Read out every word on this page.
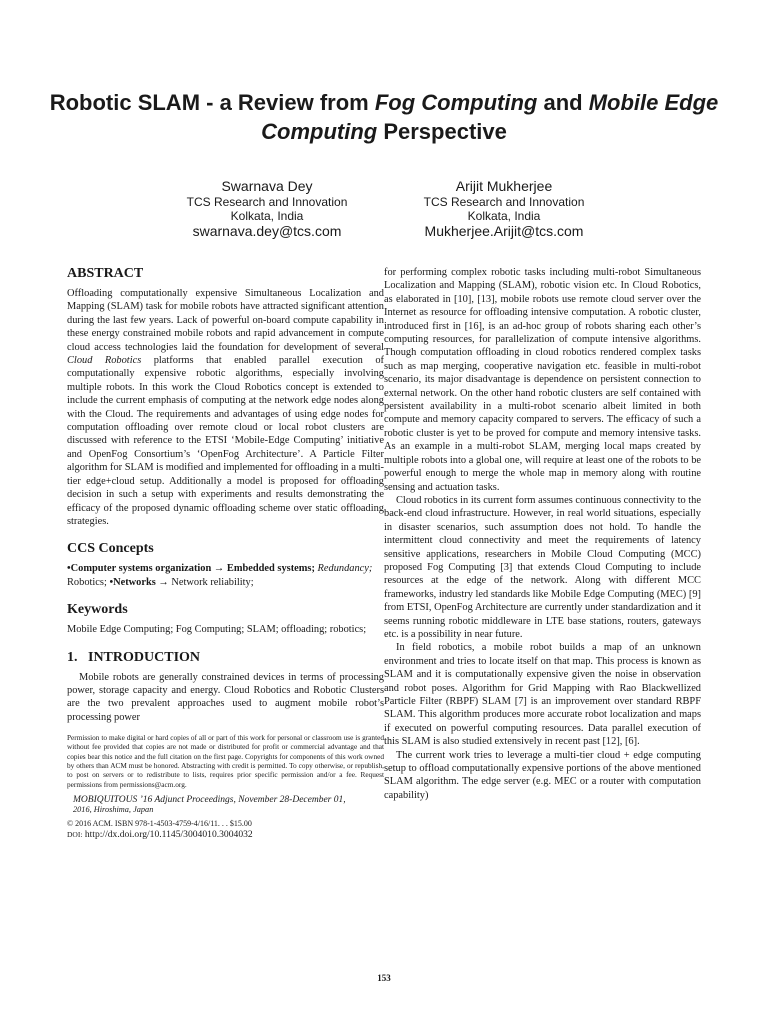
Robotic SLAM - a Review from Fog Computing and Mobile Edge Computing Perspective
Swarnava Dey
TCS Research and Innovation
Kolkata, India
swarnava.dey@tcs.com
Arijit Mukherjee
TCS Research and Innovation
Kolkata, India
Mukherjee.Arijit@tcs.com
ABSTRACT

Offloading computationally expensive Simultaneous Localization and Mapping (SLAM) task for mobile robots have attracted significant attention during the last few years. Lack of powerful on-board compute capability in these energy constrained mobile robots and rapid advancement in compute cloud access technologies laid the foundation for development of several Cloud Robotics platforms that enabled parallel execution of computationally expensive robotic algorithms, especially involving multiple robots. In this work the Cloud Robotics concept is extended to include the current emphasis of computing at the network edge nodes along with the Cloud. The requirements and advantages of using edge nodes for computation offloading over remote cloud or local robot clusters are discussed with reference to the ETSI ‘Mobile-Edge Computing’ initiative and OpenFog Consortium’s ‘OpenFog Architecture’. A Particle Filter algorithm for SLAM is modified and implemented for offloading in a multi-tier edge+cloud setup. Additionally a model is proposed for offloading decision in such a setup with experiments and results demonstrating the efficacy of the proposed dynamic offloading scheme over static offloading strategies.

CCS Concepts

•Computer systems organization → Embedded systems; Redundancy; Robotics; •Networks → Network reliability;

Keywords

Mobile Edge Computing; Fog Computing; SLAM; offloading; robotics;

1.   INTRODUCTION

Mobile robots are generally constrained devices in terms of processing power, storage capacity and energy. Cloud Robotics and Robotic Clusters are the two prevalent approaches used to augment mobile robot’s processing power

Permission to make digital or hard copies of all or part of this work for personal or classroom use is granted without fee provided that copies are not made or distributed for profit or commercial advantage and that copies bear this notice and the full citation on the first page. Copyrights for components of this work owned by others than ACM must be honored. Abstracting with credit is permitted. To copy otherwise, or republish, to post on servers or to redistribute to lists, requires prior specific permission and/or a fee. Request permissions from permissions@acm.org.

MOBIQUITOUS ’16 Adjunct Proceedings, November 28-December 01,
2016, Hiroshima, Japan

© 2016 ACM. ISBN 978-1-4503-4759-4/16/11. . . $15.00

DOI: http://dx.doi.org/10.1145/3004010.3004032

for performing complex robotic tasks including multi-robot Simultaneous Localization and Mapping (SLAM), robotic vision etc. In Cloud Robotics, as elaborated in [10], [13], mobile robots use remote cloud server over the Internet as resource for offloading intensive computation. A robotic cluster, introduced first in [16], is an ad-hoc group of robots sharing each other’s computing resources, for parallelization of compute intensive algorithms. Though computation offloading in cloud robotics rendered complex tasks such as map merging, cooperative navigation etc. feasible in multi-robot scenario, its major disadvantage is dependence on persistent connection to external network. On the other hand robotic clusters are self contained with persistent availability in a multi-robot scenario albeit limited in both compute and memory capacity compared to servers. The efficacy of such a robotic cluster is yet to be proved for compute and memory intensive tasks. As an example in a multi-robot SLAM, merging local maps created by multiple robots into a global one, will require at least one of the robots to be powerful enough to merge the whole map in memory along with routine sensing and actuation tasks.

Cloud robotics in its current form assumes continuous connectivity to the back-end cloud infrastructure. However, in real world situations, especially in disaster scenarios, such assumption does not hold. To handle the intermittent cloud connectivity and meet the requirements of latency sensitive applications, researchers in Mobile Cloud Computing (MCC) proposed Fog Computing [3] that extends Cloud Computing to include resources at the edge of the network. Along with different MCC frameworks, industry led standards like Mobile Edge Computing (MEC) [9] from ETSI, OpenFog Architecture are currently under standardization and it seems running robotic middleware in LTE base stations, routers, gateways etc. is a possibility in near future.

In field robotics, a mobile robot builds a map of an unknown environment and tries to locate itself on that map. This process is known as SLAM and it is computationally expensive given the noise in observation and robot poses. Algorithm for Grid Mapping with Rao Blackwellized Particle Filter (RBPF) SLAM [7] is an improvement over standard RBPF SLAM. This algorithm produces more accurate robot localization and maps if executed on powerful computing resources. Data parallel execution of this SLAM is also studied extensively in recent past [12], [6].

The current work tries to leverage a multi-tier cloud + edge computing setup to offload computationally expensive portions of the above mentioned SLAM algorithm. The edge server (e.g. MEC or a router with computation capability)

153
